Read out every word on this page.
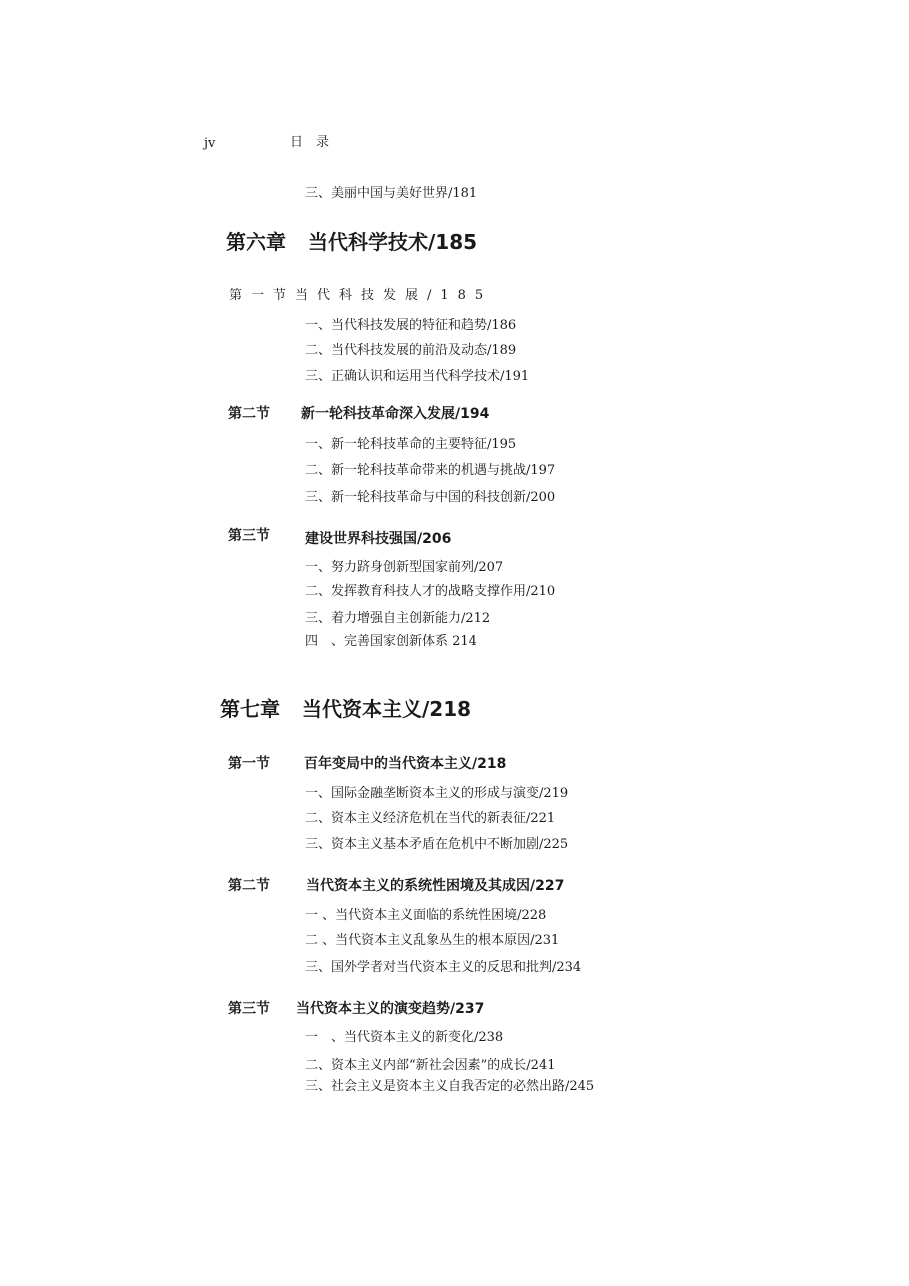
jv	日　录
三、美丽中国与美好世界/181
第六章 当代科学技术/185
第一节当代科技发展/185
一、当代科技发展的特征和趋势/186
二、当代科技发展的前沿及动态/189
三、正确认识和运用当代科学技术/191
第二节 新一轮科技革命深入发展/194
一、新一轮科技革命的主要特征/195
二、新一轮科技革命带来的机遇与挑战/197
三、新一轮科技革命与中国的科技创新/200
第三节	建设世界科技强国/206
一、努力跻身创新型国家前列/207
二、发挥教育科技人才的战略支撑作用/210
三、着力增强自主创新能力/212
四　、完善国家创新体系 214
第七章 当代资本主义/218
第一节 百年变局中的当代资本主义/218
一、国际金融垄断资本主义的形成与演变/219
二、资本主义经济危机在当代的新表征/221
三、资本主义基本矛盾在危机中不断加剧/225
第二节	当代资本主义的系统性困境及其成因/227
一 、当代资本主义面临的系统性困境/228
二 、当代资本主义乱象丛生的根本原因/231
三、国外学者对当代资本主义的反思和批判/234
第三节 当代资本主义的演变趋势/237
一　、当代资本主义的新变化/238
二、资本主义内部“新社会因素”的成长/241
三、社会主义是资本主义自我否定的必然出路/245
